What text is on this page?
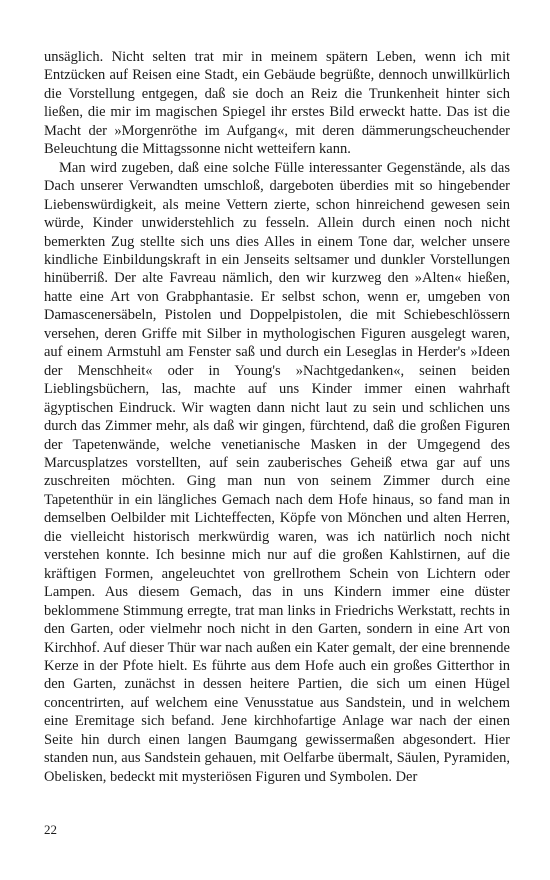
unsäglich. Nicht selten trat mir in meinem spätern Leben, wenn ich mit Entzücken auf Reisen eine Stadt, ein Gebäude begrüßte, dennoch unwillkürlich die Vorstellung entgegen, daß sie doch an Reiz die Trunkenheit hinter sich ließen, die mir im magischen Spiegel ihr erstes Bild erweckt hatte. Das ist die Macht der »Morgenröthe im Aufgang«, mit deren dämmerungscheuchender Beleuchtung die Mittagssonne nicht wetteifern kann.

Man wird zugeben, daß eine solche Fülle interessanter Gegenstände, als das Dach unserer Verwandten umschloß, dargeboten überdies mit so hingebender Liebenswürdigkeit, als meine Vettern zierte, schon hinreichend gewesen sein würde, Kinder unwiderstehlich zu fesseln. Allein durch einen noch nicht bemerkten Zug stellte sich uns dies Alles in einem Tone dar, welcher unsere kindliche Einbildungskraft in ein Jenseits seltsamer und dunkler Vorstellungen hinüberriß. Der alte Favreau nämlich, den wir kurzweg den »Alten« hießen, hatte eine Art von Grabphantasie. Er selbst schon, wenn er, umgeben von Damascenersäbeln, Pistolen und Doppelpistolen, die mit Schiebeschlössern versehen, deren Griffe mit Silber in mythologischen Figuren ausgelegt waren, auf einem Armstuhl am Fenster saß und durch ein Leseglas in Herder's »Ideen der Menschheit« oder in Young's »Nachtgedanken«, seinen beiden Lieblingsbüchern, las, machte auf uns Kinder immer einen wahrhaft ägyptischen Eindruck. Wir wagten dann nicht laut zu sein und schlichen uns durch das Zimmer mehr, als daß wir gingen, fürchtend, daß die großen Figuren der Tapetenwände, welche venetianische Masken in der Umgegend des Marcusplatzes vorstellten, auf sein zauberisches Geheiß etwa gar auf uns zuschreiten möchten. Ging man nun von seinem Zimmer durch eine Tapetenthür in ein längliches Gemach nach dem Hofe hinaus, so fand man in demselben Oelbilder mit Lichteffecten, Köpfe von Mönchen und alten Herren, die vielleicht historisch merkwürdig waren, was ich natürlich noch nicht verstehen konnte. Ich besinne mich nur auf die großen Kahlstirnen, auf die kräftigen Formen, angeleuchtet von grellrothem Schein von Lichtern oder Lampen. Aus diesem Gemach, das in uns Kindern immer eine düster beklommene Stimmung erregte, trat man links in Friedrichs Werkstatt, rechts in den Garten, oder vielmehr noch nicht in den Garten, sondern in eine Art von Kirchhof. Auf dieser Thür war nach außen ein Kater gemalt, der eine brennende Kerze in der Pfote hielt. Es führte aus dem Hofe auch ein großes Gitterthor in den Garten, zunächst in dessen heitere Partien, die sich um einen Hügel concentrirten, auf welchem eine Venusstatue aus Sandstein, und in welchem eine Eremitage sich befand. Jene kirchhofartige Anlage war nach der einen Seite hin durch einen langen Baumgang gewissermaßen abgesondert. Hier standen nun, aus Sandstein gehauen, mit Oelfarbe übermalt, Säulen, Pyramiden, Obelisken, bedeckt mit mysteriösen Figuren und Symbolen. Der

22
